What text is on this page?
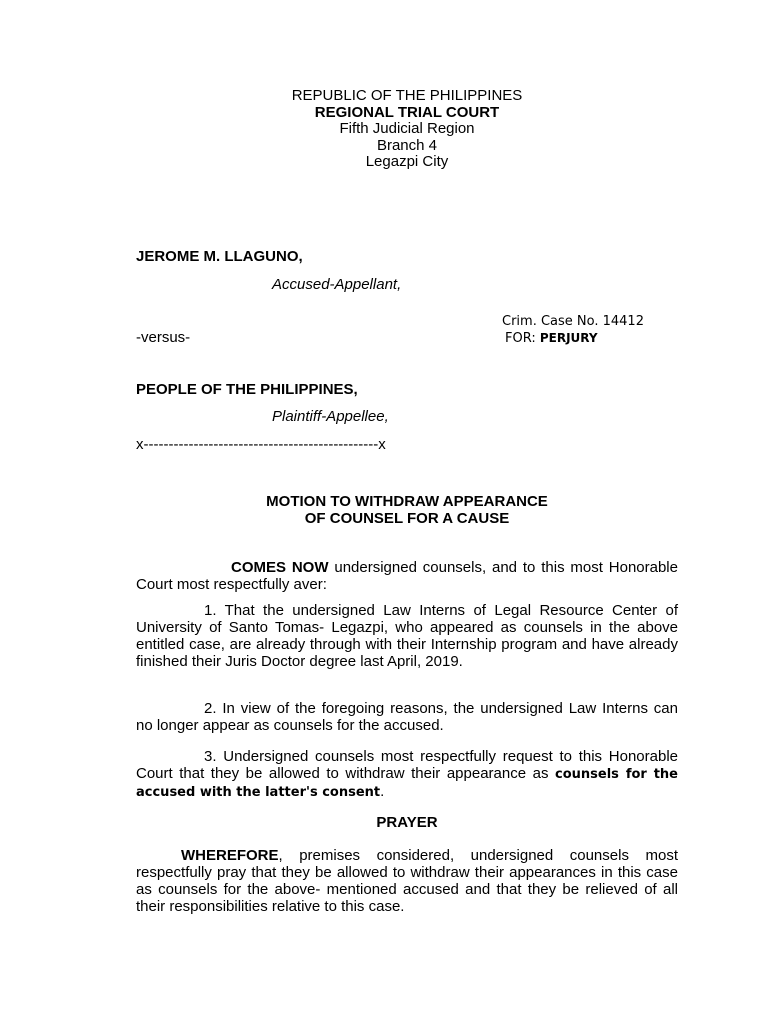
REPUBLIC OF THE PHILIPPINES
REGIONAL TRIAL COURT
Fifth Judicial Region
Branch 4
Legazpi City
JEROME M. LLAGUNO,
Accused-Appellant,
Crim. Case No. 14412
-versus-	FOR: PERJURY
PEOPLE OF THE PHILIPPINES,
Plaintiff-Appellee,
x-----------------------------------------------x
MOTION TO WITHDRAW APPEARANCE
OF COUNSEL FOR A CAUSE
COMES NOW undersigned counsels, and to this most Honorable Court most respectfully aver:
1. That the undersigned Law Interns of Legal Resource Center of University of Santo Tomas- Legazpi, who appeared as counsels in the above entitled case, are already through with their Internship program and have already finished their Juris Doctor degree last April, 2019.
2. In view of the foregoing reasons, the undersigned Law Interns can no longer appear as counsels for the accused.
3. Undersigned counsels most respectfully request to this Honorable Court that they be allowed to withdraw their appearance as counsels for the accused with the latter's consent.
PRAYER
WHEREFORE, premises considered, undersigned counsels most respectfully pray that they be allowed to withdraw their appearances in this case as counsels for the above- mentioned accused and that they be relieved of all their responsibilities relative to this case.
